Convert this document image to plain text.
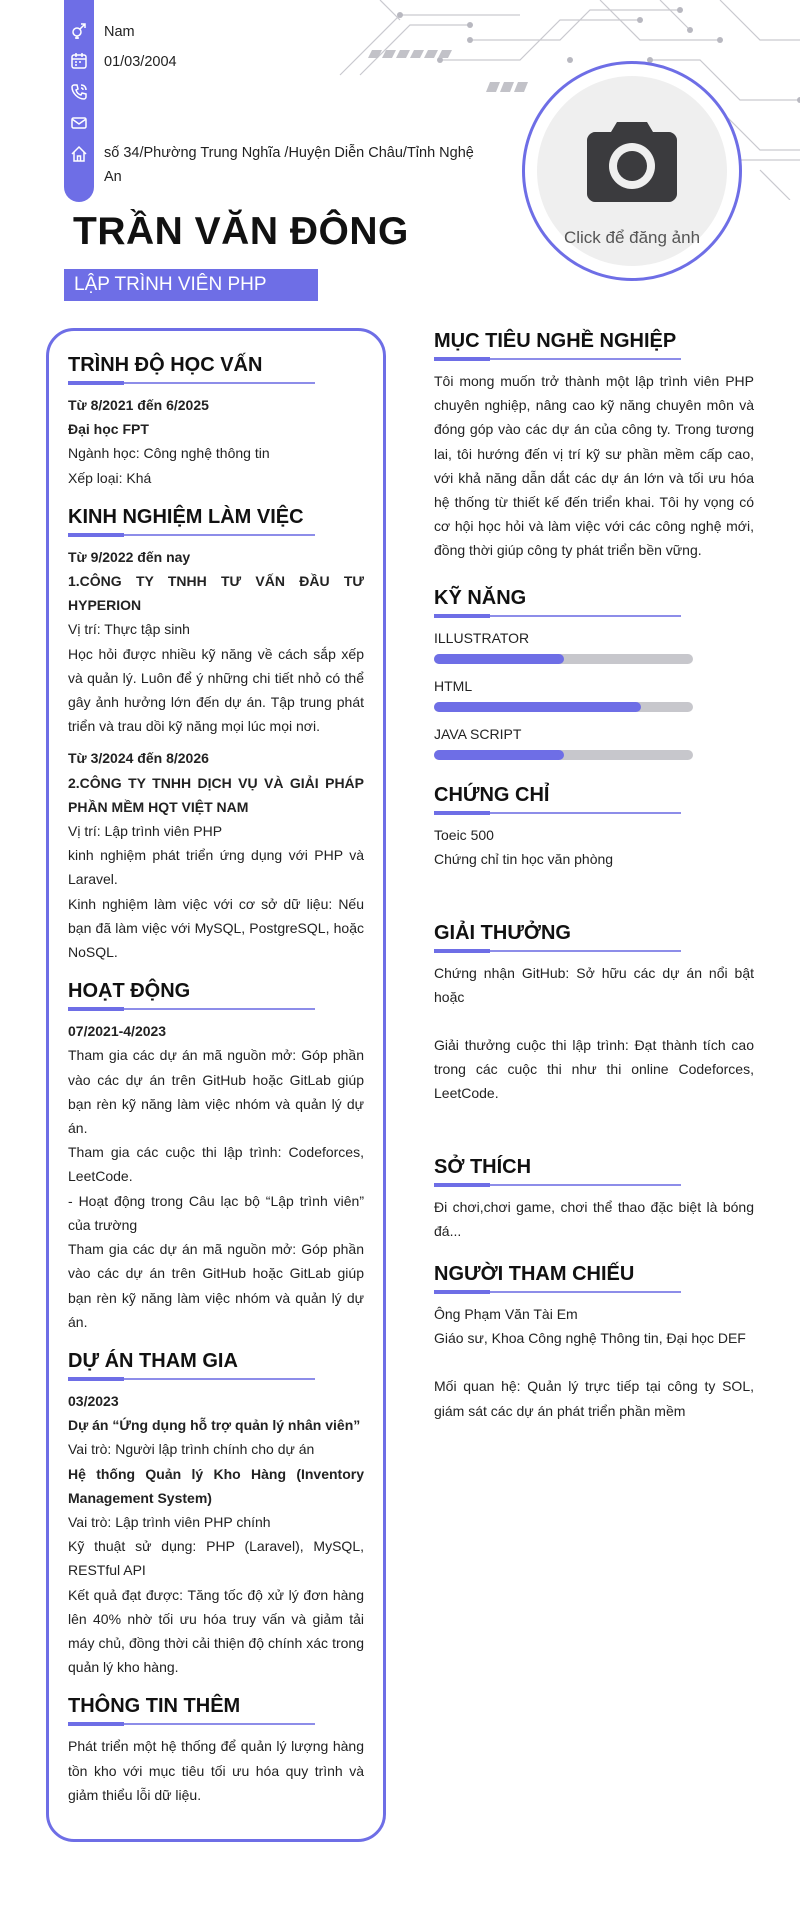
Nam
01/03/2004
số 34/Phường Trung Nghĩa /Huyện Diễn Châu/Tỉnh Nghệ An
Click để đăng ảnh
TRẦN VĂN ĐÔNG
LẬP TRÌNH VIÊN PHP
TRÌNH ĐỘ HỌC VẤN
Từ 8/2021 đến 6/2025
Đại học FPT
Ngành học: Công nghệ thông tin
Xếp loại: Khá
KINH NGHIỆM LÀM VIỆC
Từ 9/2022 đến nay
1.CÔNG TY TNHH TƯ VẤN ĐẦU TƯ HYPERION
Vị trí: Thực tập sinh
Học hỏi được nhiều kỹ năng về cách sắp xếp và quản lý. Luôn để ý những chi tiết nhỏ có thể gây ảnh hưởng lớn đến dự án. Tập trung phát triển và trau dồi kỹ năng mọi lúc mọi nơi.
Từ 3/2024 đến 8/2026
2.CÔNG TY TNHH DỊCH VỤ VÀ GIẢI PHÁP PHẦN MỀM HQT VIỆT NAM
Vị trí: Lập trình viên PHP
kinh nghiệm phát triển ứng dụng với PHP và Laravel.
Kinh nghiệm làm việc với cơ sở dữ liệu: Nếu bạn đã làm việc với MySQL, PostgreSQL, hoặc NoSQL.
HOẠT ĐỘNG
07/2021-4/2023
Tham gia các dự án mã nguồn mở: Góp phần vào các dự án trên GitHub hoặc GitLab giúp bạn rèn kỹ năng làm việc nhóm và quản lý dự án.
Tham gia các cuộc thi lập trình: Codeforces, LeetCode.
- Hoạt động trong Câu lạc bộ “Lập trình viên” của trường
Tham gia các dự án mã nguồn mở: Góp phần vào các dự án trên GitHub hoặc GitLab giúp bạn rèn kỹ năng làm việc nhóm và quản lý dự án.
DỰ ÁN THAM GIA
03/2023
Dự án “Ứng dụng hỗ trợ quản lý nhân viên”
Vai trò: Người lập trình chính cho dự án
Hệ thống Quản lý Kho Hàng (Inventory Management System)
Vai trò: Lập trình viên PHP chính
Kỹ thuật sử dụng: PHP (Laravel), MySQL, RESTful API
Kết quả đạt được: Tăng tốc độ xử lý đơn hàng lên 40% nhờ tối ưu hóa truy vấn và giảm tải máy chủ, đồng thời cải thiện độ chính xác trong quản lý kho hàng.
THÔNG TIN THÊM
Phát triển một hệ thống để quản lý lượng hàng tồn kho với mục tiêu tối ưu hóa quy trình và giảm thiểu lỗi dữ liệu.
MỤC TIÊU NGHỀ NGHIỆP
Tôi mong muốn trở thành một lập trình viên PHP chuyên nghiệp, nâng cao kỹ năng chuyên môn và đóng góp vào các dự án của công ty. Trong tương lai, tôi hướng đến vị trí kỹ sư phần mềm cấp cao, với khả năng dẫn dắt các dự án lớn và tối ưu hóa hệ thống từ thiết kế đến triển khai. Tôi hy vọng có cơ hội học hỏi và làm việc với các công nghệ mới, đồng thời giúp công ty phát triển bền vững.
KỸ NĂNG
ILLUSTRATOR
HTML
JAVA SCRIPT
CHỨNG CHỈ
Toeic 500
Chứng chỉ tin học văn phòng
GIẢI THƯỞNG
Chứng nhận GitHub: Sở hữu các dự án nổi bật hoặc
Giải thưởng cuộc thi lập trình: Đạt thành tích cao trong các cuộc thi như thi online Codeforces, LeetCode.
SỞ THÍCH
Đi chơi,chơi game, chơi thể thao đặc biệt là bóng đá...
NGƯỜI THAM CHIẾU
Ông Phạm Văn Tài Em
Giáo sư, Khoa Công nghệ Thông tin, Đại học DEF
Mối quan hệ: Quản lý trực tiếp tại công ty SOL, giám sát các dự án phát triển phần mềm
